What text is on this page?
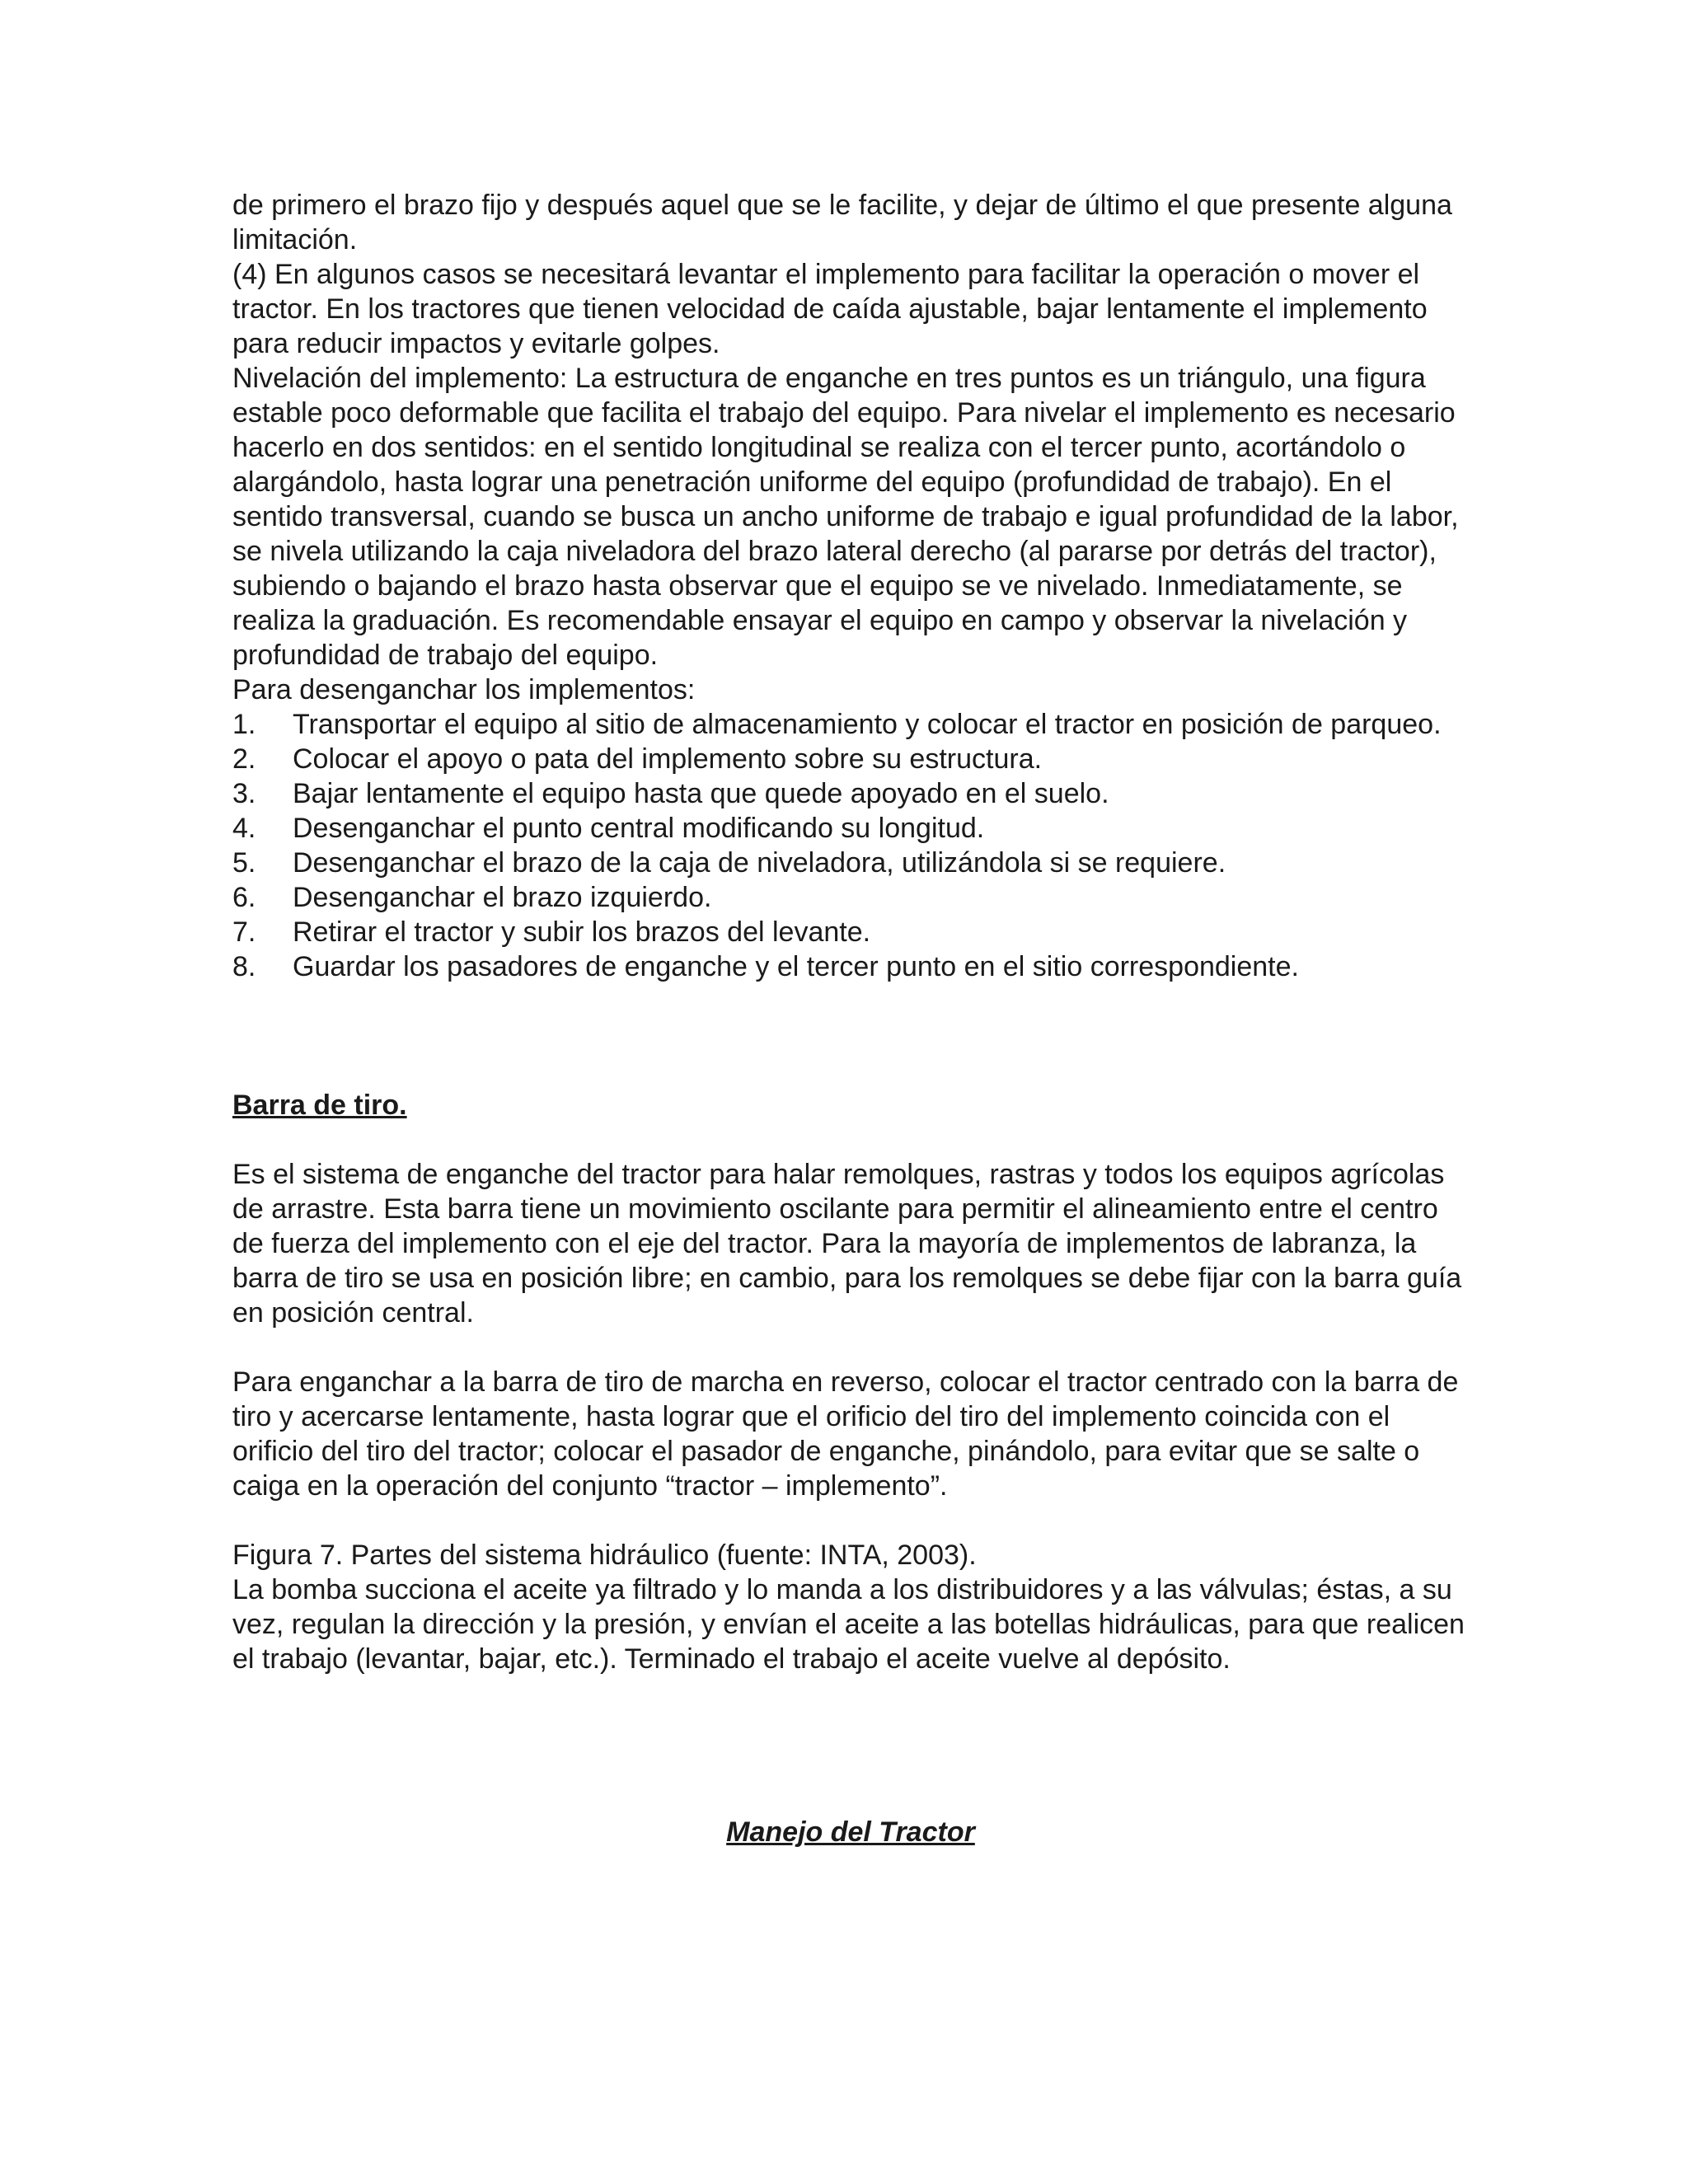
de primero el brazo fijo y después aquel que se le facilite, y dejar de último el que presente alguna limitación.

(4) En algunos casos se necesitará levantar el implemento para facilitar la operación o mover el tractor. En los tractores que tienen velocidad de caída ajustable, bajar lentamente el implemento para reducir impactos y evitarle golpes.

Nivelación del implemento: La estructura de enganche en tres puntos es un triángulo, una figura estable poco deformable que facilita el trabajo del equipo. Para nivelar el implemento es necesario hacerlo en dos sentidos: en el sentido longitudinal se realiza con el tercer punto, acortándolo o alargándolo, hasta lograr una penetración uniforme del equipo (profundidad de trabajo). En el sentido transversal, cuando se busca un ancho uniforme de trabajo e igual profundidad de la labor, se nivela utilizando la caja niveladora del brazo lateral derecho (al pararse por detrás del tractor), subiendo o bajando el brazo hasta observar que el equipo se ve nivelado. Inmediatamente, se realiza la graduación. Es recomendable ensayar el equipo en campo y observar la nivelación y profundidad de trabajo del equipo.

Para desenganchar los implementos:

1. Transportar el equipo al sitio de almacenamiento y colocar el tractor en posición de parqueo.
2. Colocar el apoyo o pata del implemento sobre su estructura.
3. Bajar lentamente el equipo hasta que quede apoyado en el suelo.
4. Desenganchar el punto central modificando su longitud.
5. Desenganchar el brazo de la caja de niveladora, utilizándola si se requiere.
6. Desenganchar el brazo izquierdo.
7. Retirar el tractor y subir los brazos del levante.
8. Guardar los pasadores de enganche y el tercer punto en el sitio correspondiente.

Barra de tiro.

Es el sistema de enganche del tractor para halar remolques, rastras y todos los equipos agrícolas de arrastre. Esta barra tiene un movimiento oscilante para permitir el alineamiento entre el centro de fuerza del implemento con el eje del tractor. Para la mayoría de implementos de labranza, la barra de tiro se usa en posición libre; en cambio, para los remolques se debe fijar con la barra guía en posición central.

Para enganchar a la barra de tiro de marcha en reverso, colocar el tractor centrado con la barra de tiro y acercarse lentamente, hasta lograr que el orificio del tiro del implemento coincida con el orificio del tiro del tractor; colocar el pasador de enganche, pinándolo, para evitar que se salte o caiga en la operación del conjunto “tractor – implemento”.

Figura 7. Partes del sistema hidráulico (fuente: INTA, 2003).

La bomba succiona el aceite ya filtrado y lo manda a los distribuidores y a las válvulas; éstas, a su vez, regulan la dirección y la presión, y envían el aceite a las botellas hidráulicas, para que realicen el trabajo (levantar, bajar, etc.). Terminado el trabajo el aceite vuelve al depósito.

Manejo del Tractor
